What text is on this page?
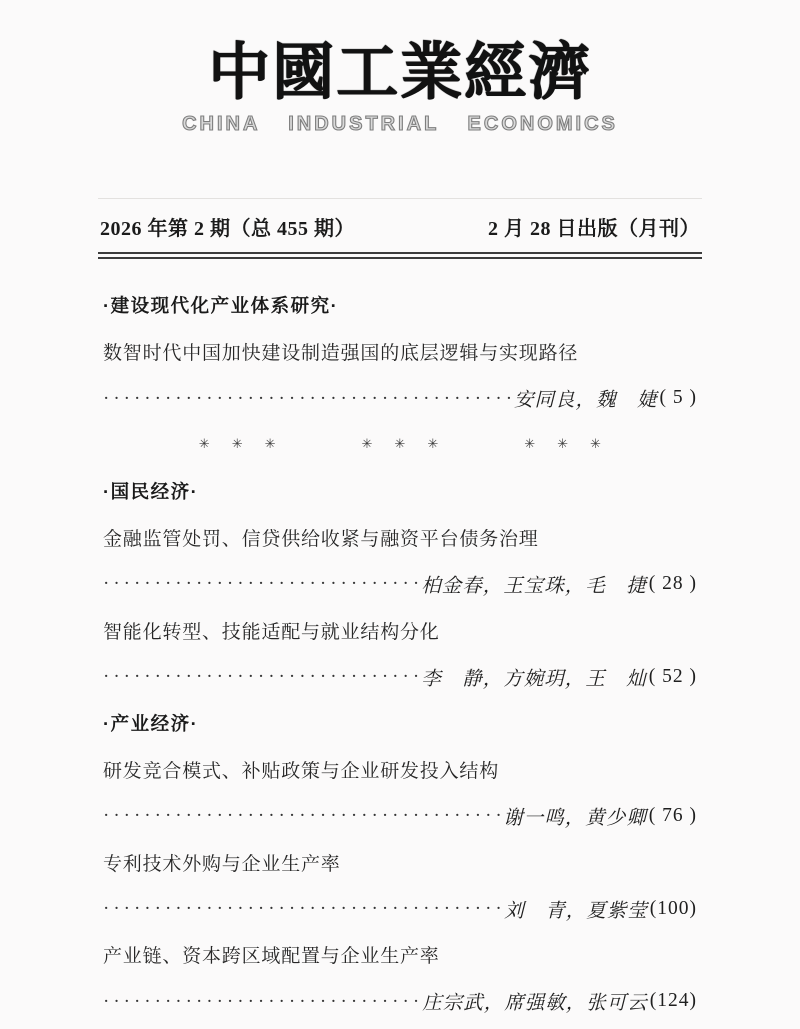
中國工業經濟
CHINA INDUSTRIAL ECONOMICS
2026 年第 2 期（总 455 期）	2 月 28 日出版（月刊）
·建设现代化产业体系研究·
数智时代中国加快建设制造强国的底层逻辑与实现路径
·····
安同良，魏　婕 ( 5 )
✳ ✳ ✳	✳ ✳ ✳	✳ ✳ ✳
·国民经济·
金融监管处罚、信贷供给收紧与融资平台债务治理
·····
柏金春，王宝珠，毛　捷 ( 28 )
智能化转型、技能适配与就业结构分化
·····
李　静，方婉玥，王　灿 ( 52 )
·产业经济·
研发竞合模式、补贴政策与企业研发投入结构
·····
谢一鸣，黄少卿 ( 76 )
专利技术外购与企业生产率
·····
刘　青，夏紫莹 (100)
产业链、资本跨区域配置与企业生产率
·····
庄宗武，席强敏，张可云 (124)
